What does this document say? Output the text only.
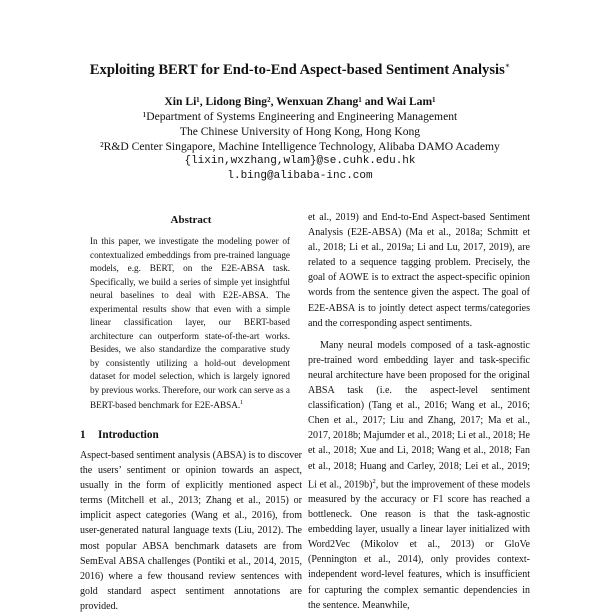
Exploiting BERT for End-to-End Aspect-based Sentiment Analysis∗
Xin Li¹, Lidong Bing², Wenxuan Zhang¹ and Wai Lam¹
¹Department of Systems Engineering and Engineering Management
The Chinese University of Hong Kong, Hong Kong
²R&D Center Singapore, Machine Intelligence Technology, Alibaba DAMO Academy
{lixin,wxzhang,wlam}@se.cuhk.edu.hk
l.bing@alibaba-inc.com
Abstract
In this paper, we investigate the modeling power of contextualized embeddings from pre-trained language models, e.g. BERT, on the E2E-ABSA task. Specifically, we build a series of simple yet insightful neural baselines to deal with E2E-ABSA. The experimental results show that even with a simple linear classification layer, our BERT-based architecture can outperform state-of-the-art works. Besides, we also standardize the comparative study by consistently utilizing a hold-out development dataset for model selection, which is largely ignored by previous works. Therefore, our work can serve as a BERT-based benchmark for E2E-ABSA.$^1$
1 Introduction
Aspect-based sentiment analysis (ABSA) is to discover the users’ sentiment or opinion towards an aspect, usually in the form of explicitly mentioned aspect terms (Mitchell et al., 2013; Zhang et al., 2015) or implicit aspect categories (Wang et al., 2016), from user-generated natural language texts (Liu, 2012). The most popular ABSA benchmark datasets are from SemEval ABSA challenges (Pontiki et al., 2014, 2015, 2016) where a few thousand review sentences with gold standard aspect sentiment annotations are provided.

et al., 2019) and End-to-End Aspect-based Sentiment Analysis (E2E-ABSA) (Ma et al., 2018a; Schmitt et al., 2018; Li et al., 2019a; Li and Lu, 2017, 2019), are related to a sequence tagging problem. Precisely, the goal of AOWE is to extract the aspect-specific opinion words from the sentence given the aspect. The goal of E2E-ABSA is to jointly detect aspect terms/categories and the corresponding aspect sentiments.

Many neural models composed of a task-agnostic pre-trained word embedding layer and task-specific neural architecture have been proposed for the original ABSA task (i.e. the aspect-level sentiment classification) (Tang et al., 2016; Wang et al., 2016; Chen et al., 2017; Liu and Zhang, 2017; Ma et al., 2017, 2018b; Majumder et al., 2018; Li et al., 2018; He et al., 2018; Xue and Li, 2018; Wang et al., 2018; Fan et al., 2018; Huang and Carley, 2018; Lei et al., 2019; Li et al., 2019b)$^2$, but the improvement of these models measured by the accuracy or F1 score has reached a bottleneck. One reason is that the task-agnostic embedding layer, usually a linear layer initialized with Word2Vec (Mikolov et al., 2013) or GloVe (Pennington et al., 2014), only provides context-independent word-level features, which is insufficient for capturing the complex semantic dependencies in the sentence. Meanwhile,
